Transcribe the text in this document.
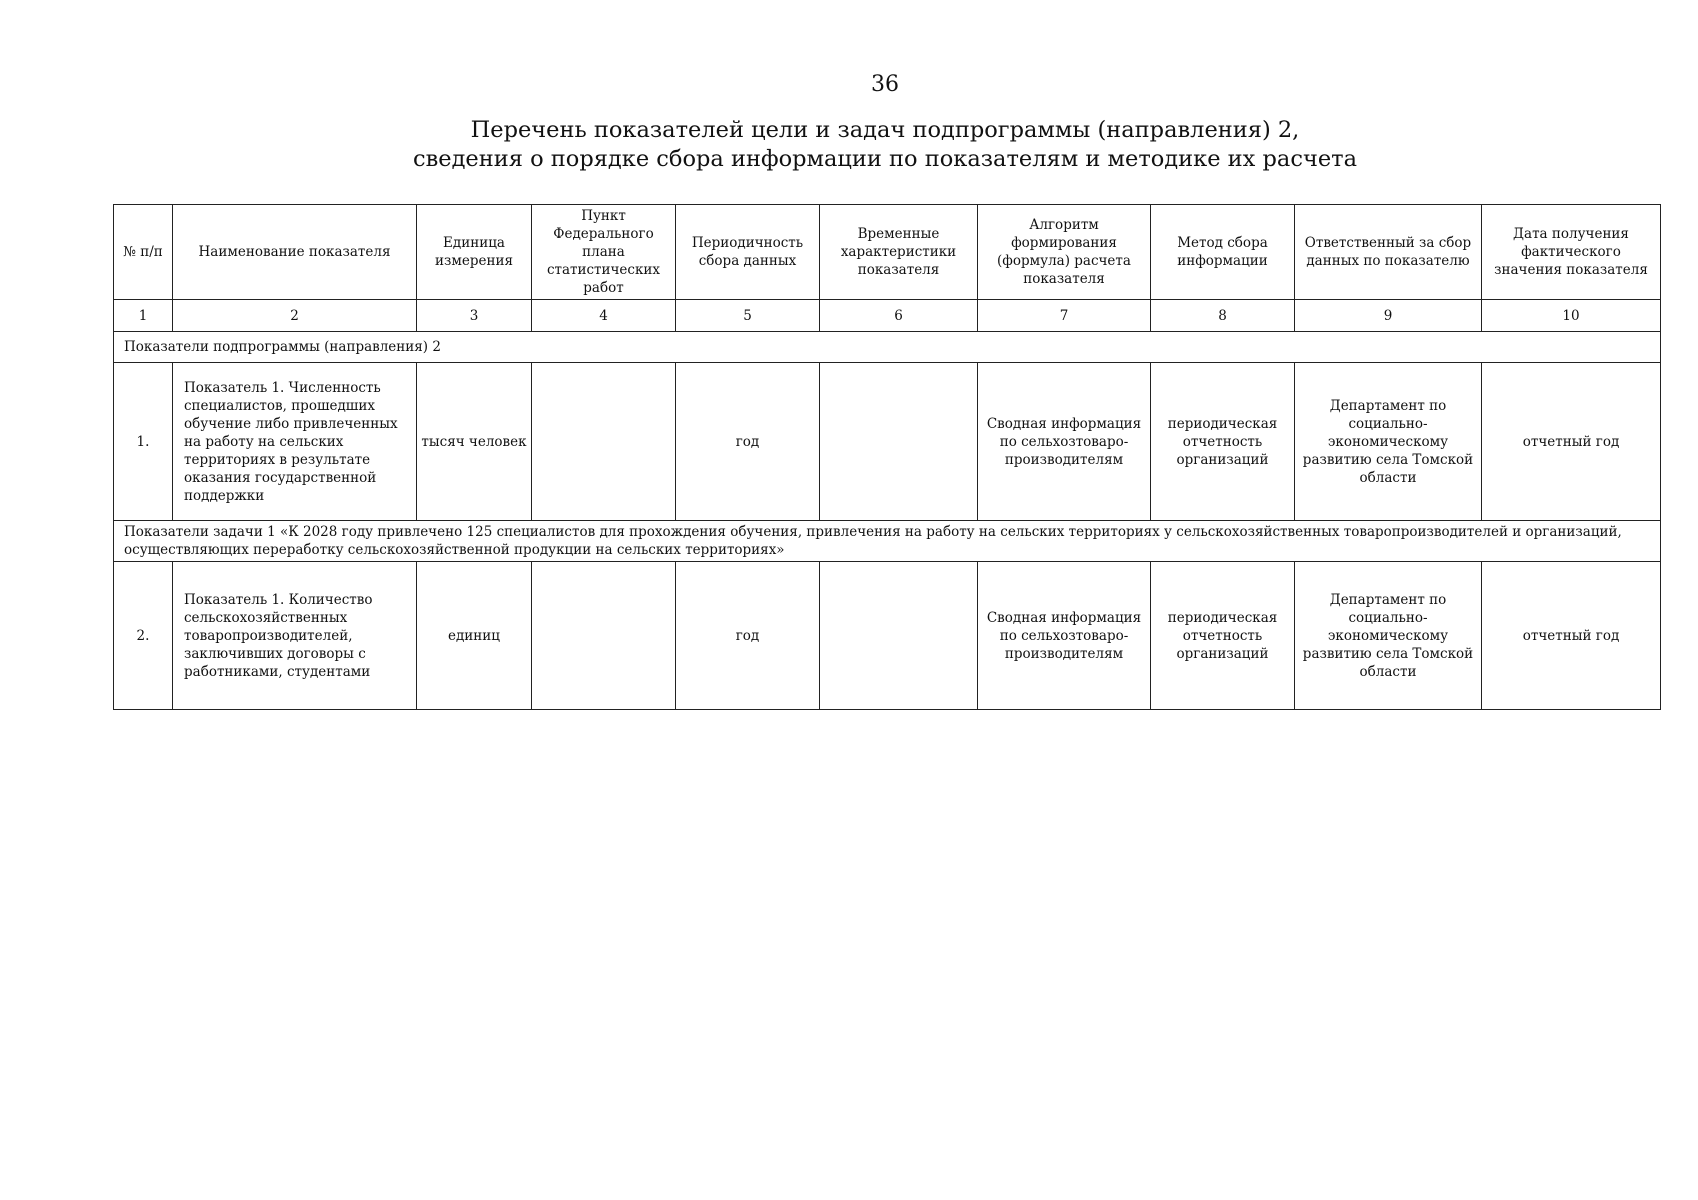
36
Перечень показателей цели и задач подпрограммы (направления) 2,
сведения о порядке сбора информации по показателям и методике их расчета
№ п/п	Наименование показателя	Единица измерения	Пункт Федерального плана статистических работ	Периодичность сбора данных	Временные характеристики показателя	Алгоритм формирования (формула) расчета показателя	Метод сбора информации	Ответственный за сбор данных по показателю	Дата получения фактического значения показателя
1	2	3	4	5	6	7	8	9	10
Показатели подпрограммы (направления) 2									
1.	Показатель 1. Численность специалистов, прошедших обучение либо привлеченных на работу на сельских территориях в результате оказания государственной поддержки	тысяч человек		год		Сводная информация по сельхозтоваро-производителям	периодическая отчетность организаций	Департамент по социально-экономическому развитию села Томской области	отчетный год
Показатели задачи 1 «К 2028 году привлечено 125 специалистов для прохождения обучения, привлечения на работу на сельских территориях у сельскохозяйственных товаропроизводителей и организаций, осуществляющих переработку сельскохозяйственной продукции на сельских территориях»									
2.	Показатель 1. Количество сельскохозяйственных товаропроизводителей, заключивших договоры с работниками, студентами	единиц		год		Сводная информация по сельхозтоваро-производителям	периодическая отчетность организаций	Департамент по социально-экономическому развитию села Томской области	отчетный год
